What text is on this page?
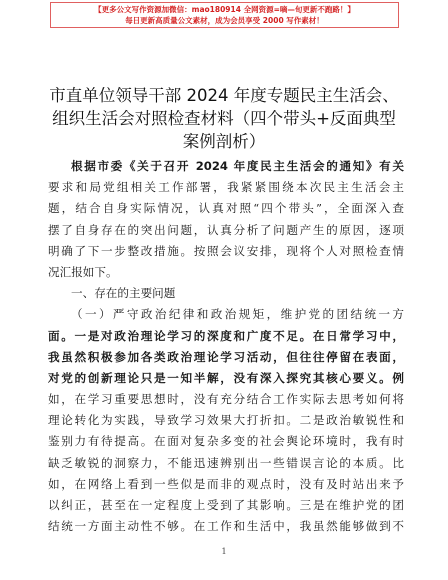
【更多公文写作资源加微信：mao180914 全网资源=嘀—旬更新不跑路！】
每日更新高质量公文素材，成为会员享受 2000 写作素材！
市直单位领导干部 2024 年度专题民主生活会、
组织生活会对照检查材料（四个带头+反面典型
案例剖析）
根据市委《关于召开 2024 年度民主生活会的通知》有关
要求和局党组相关工作部署，我紧紧围绕本次民主生活会主
题，结合自身实际情况，认真对照“四个带头”，全面深入查
摆了自身存在的突出问题，认真分析了问题产生的原因，逐项
明确了下一步整改措施。按照会议安排，现将个人对照检查情
况汇报如下。
一、存在的主要问题
（一）严守政治纪律和政治规矩，维护党的团结统一方
面。一是对政治理论学习的深度和广度不足。在日常学习中，
我虽然积极参加各类政治理论学习活动，但往往停留在表面，
对党的创新理论只是一知半解，没有深入探究其核心要义。例
如，在学习重要思想时，没有充分结合工作实际去思考如何将
理论转化为实践，导致学习效果大打折扣。二是政治敏锐性和
鉴别力有待提高。在面对复杂多变的社会舆论环境时，我有时
缺乏敏锐的洞察力，不能迅速辨别出一些错误言论的本质。比
如，在网络上看到一些似是而非的观点时，没有及时站出来予
以纠正，甚至在一定程度上受到了其影响。三是在维护党的团
结统一方面主动性不够。在工作和生活中，我虽然能够做到不
1
